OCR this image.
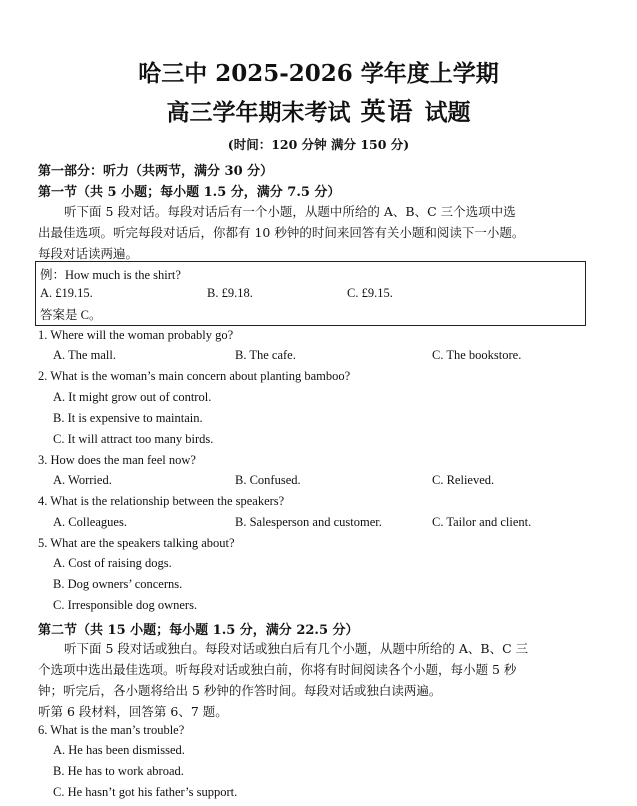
哈三中 2025-2026 学年度上学期
高三学年期末考试 英语 试题
(时间：120 分钟 满分 150 分)
第一部分：听力（共两节，满分 30 分）
第一节（共 5 小题；每小题 1.5 分，满分 7.5 分）
听下面 5 段对话。每段对话后有一个小题，从题中所给的 A、B、C 三个选项中选
出最佳选项。听完每段对话后，你都有 10 秒钟的时间来回答有关小题和阅读下一小题。
每段对话读两遍。
例：How much is the shirt?
A. £19.15.	B. £9.18.	C. £9.15.
答案是 C。
1. Where will the woman probably go?
A. The mall.	B. The cafe.	C. The bookstore.
2. What is the woman’s main concern about planting bamboo?
A. It might grow out of control.
B. It is expensive to maintain.
C. It will attract too many birds.
3. How does the man feel now?
A. Worried.	B. Confused.	C. Relieved.
4. What is the relationship between the speakers?
A. Colleagues.	B. Salesperson and customer.	C. Tailor and client.
5. What are the speakers talking about?
A. Cost of raising dogs.
B. Dog owners’ concerns.
C. Irresponsible dog owners.
第二节（共 15 小题；每小题 1.5 分，满分 22.5 分）
听下面 5 段对话或独白。每段对话或独白后有几个小题，从题中所给的 A、B、C 三
个选项中选出最佳选项。听每段对话或独白前，你将有时间阅读各个小题，每小题 5 秒
钟；听完后，各小题将给出 5 秒钟的作答时间。每段对话或独白读两遍。
听第 6 段材料，回答第 6、7 题。
6. What is the man’s trouble?
A. He has been dismissed.
B. He has to work abroad.
C. He hasn’t got his father’s support.
